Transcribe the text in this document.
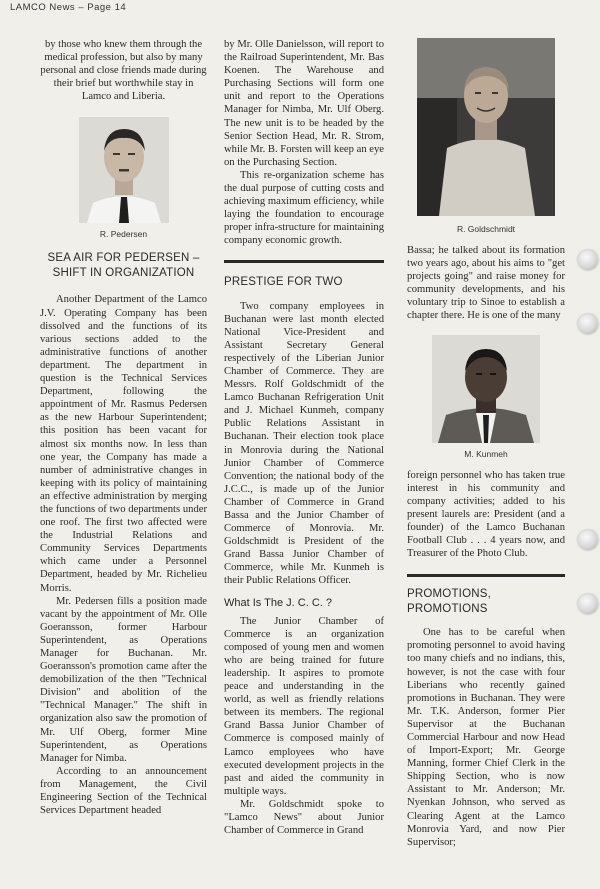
LAMCO News – Page 14

by those who knew them through the medical profession, but also by many personal and close friends made during their brief but worthwhile stay in Lamco and Liberia.

R. Pedersen
SEA AIR FOR PEDERSEN –
SHIFT IN ORGANIZATION

Another Department of the Lamco J.V. Operating Company has been dissolved and the functions of its various sections added to the administrative functions of another department. The department in question is the Technical Services Department, following the appointment of Mr. Rasmus Pedersen as the new Harbour Superintendent; this position has been vacant for almost six months now. In less than one year, the Company has made a number of administrative changes in keeping with its policy of maintaining an effective administration by merging the functions of two departments under one roof. The first two affected were the Industrial Relations and Community Services Departments which came under a Personnel Department, headed by Mr. Richelieu Morris.

Mr. Pedersen fills a position made vacant by the appointment of Mr. Olle Goeransson, former Harbour Superintendent, as Operations Manager for Buchanan. Mr. Goeransson's promotion came after the demobilization of the then "Technical Division" and abolition of the "Technical Manager." The shift in organization also saw the promotion of Mr. Ulf Oberg, former Mine Superintendent, as Operations Manager for Nimba.

According to an announcement from Management, the Civil Engineering Section of the Technical Services Department headed

by Mr. Olle Danielsson, will report to the Railroad Superintendent, Mr. Bas Koenen. The Warehouse and Purchasing Sections will form one unit and report to the Operations Manager for Nimba, Mr. Ulf Oberg. The new unit is to be headed by the Senior Section Head, Mr. R. Strom, while Mr. B. Forsten will keep an eye on the Purchasing Section.

This re-organization scheme has the dual purpose of cutting costs and achieving maximum efficiency, while laying the foundation to encourage proper infra-structure for maintaining company economic growth.

PRESTIGE FOR TWO

Two company employees in Buchanan were last month elected National Vice-President and Assistant Secretary General respectively of the Liberian Junior Chamber of Commerce. They are Messrs. Rolf Goldschmidt of the Lamco Buchanan Refrigeration Unit and J. Michael Kunmeh, company Public Relations Assistant in Buchanan. Their election took place in Monrovia during the National Junior Chamber of Commerce Convention; the national body of the J.C.C., is made up of the Junior Chamber of Commerce in Grand Bassa and the Junior Chamber of Commerce of Monrovia. Mr. Goldschmidt is President of the Grand Bassa Junior Chamber of Commerce, while Mr. Kunmeh is their Public Relations Officer.

What Is The J. C. C. ?

The Junior Chamber of Commerce is an organization composed of young men and women who are being trained for future leadership. It aspires to promote peace and understanding in the world, as well as friendly relations between its members. The regional Grand Bassa Junior Chamber of Commerce is composed mainly of Lamco employees who have executed development projects in the past and aided the community in multiple ways.

Mr. Goldschmidt spoke to "Lamco News" about Junior Chamber of Commerce in Grand

R. Goldschmidt

Bassa; he talked about its formation two years ago, about his aims to "get projects going" and raise money for community developments, and his voluntary trip to Sinoe to establish a chapter there. He is one of the many

M. Kunmeh

foreign personnel who has taken true interest in his community and company activities; added to his present laurels are: President (and a founder) of the Lamco Buchanan Football Club . . . 4 years now, and Treasurer of the Photo Club.

PROMOTIONS, PROMOTIONS

One has to be careful when promoting personnel to avoid having too many chiefs and no indians, this, however, is not the case with four Liberians who recently gained promotions in Buchanan. They were Mr. T.K. Anderson, former Pier Supervisor at the Buchanan Commercial Harbour and now Head of Import-Export; Mr. George Manning, former Chief Clerk in the Shipping Section, who is now Assistant to Mr. Anderson; Mr. Nyenkan Johnson, who served as Clearing Agent at the Lamco Monrovia Yard, and now Pier Supervisor;
